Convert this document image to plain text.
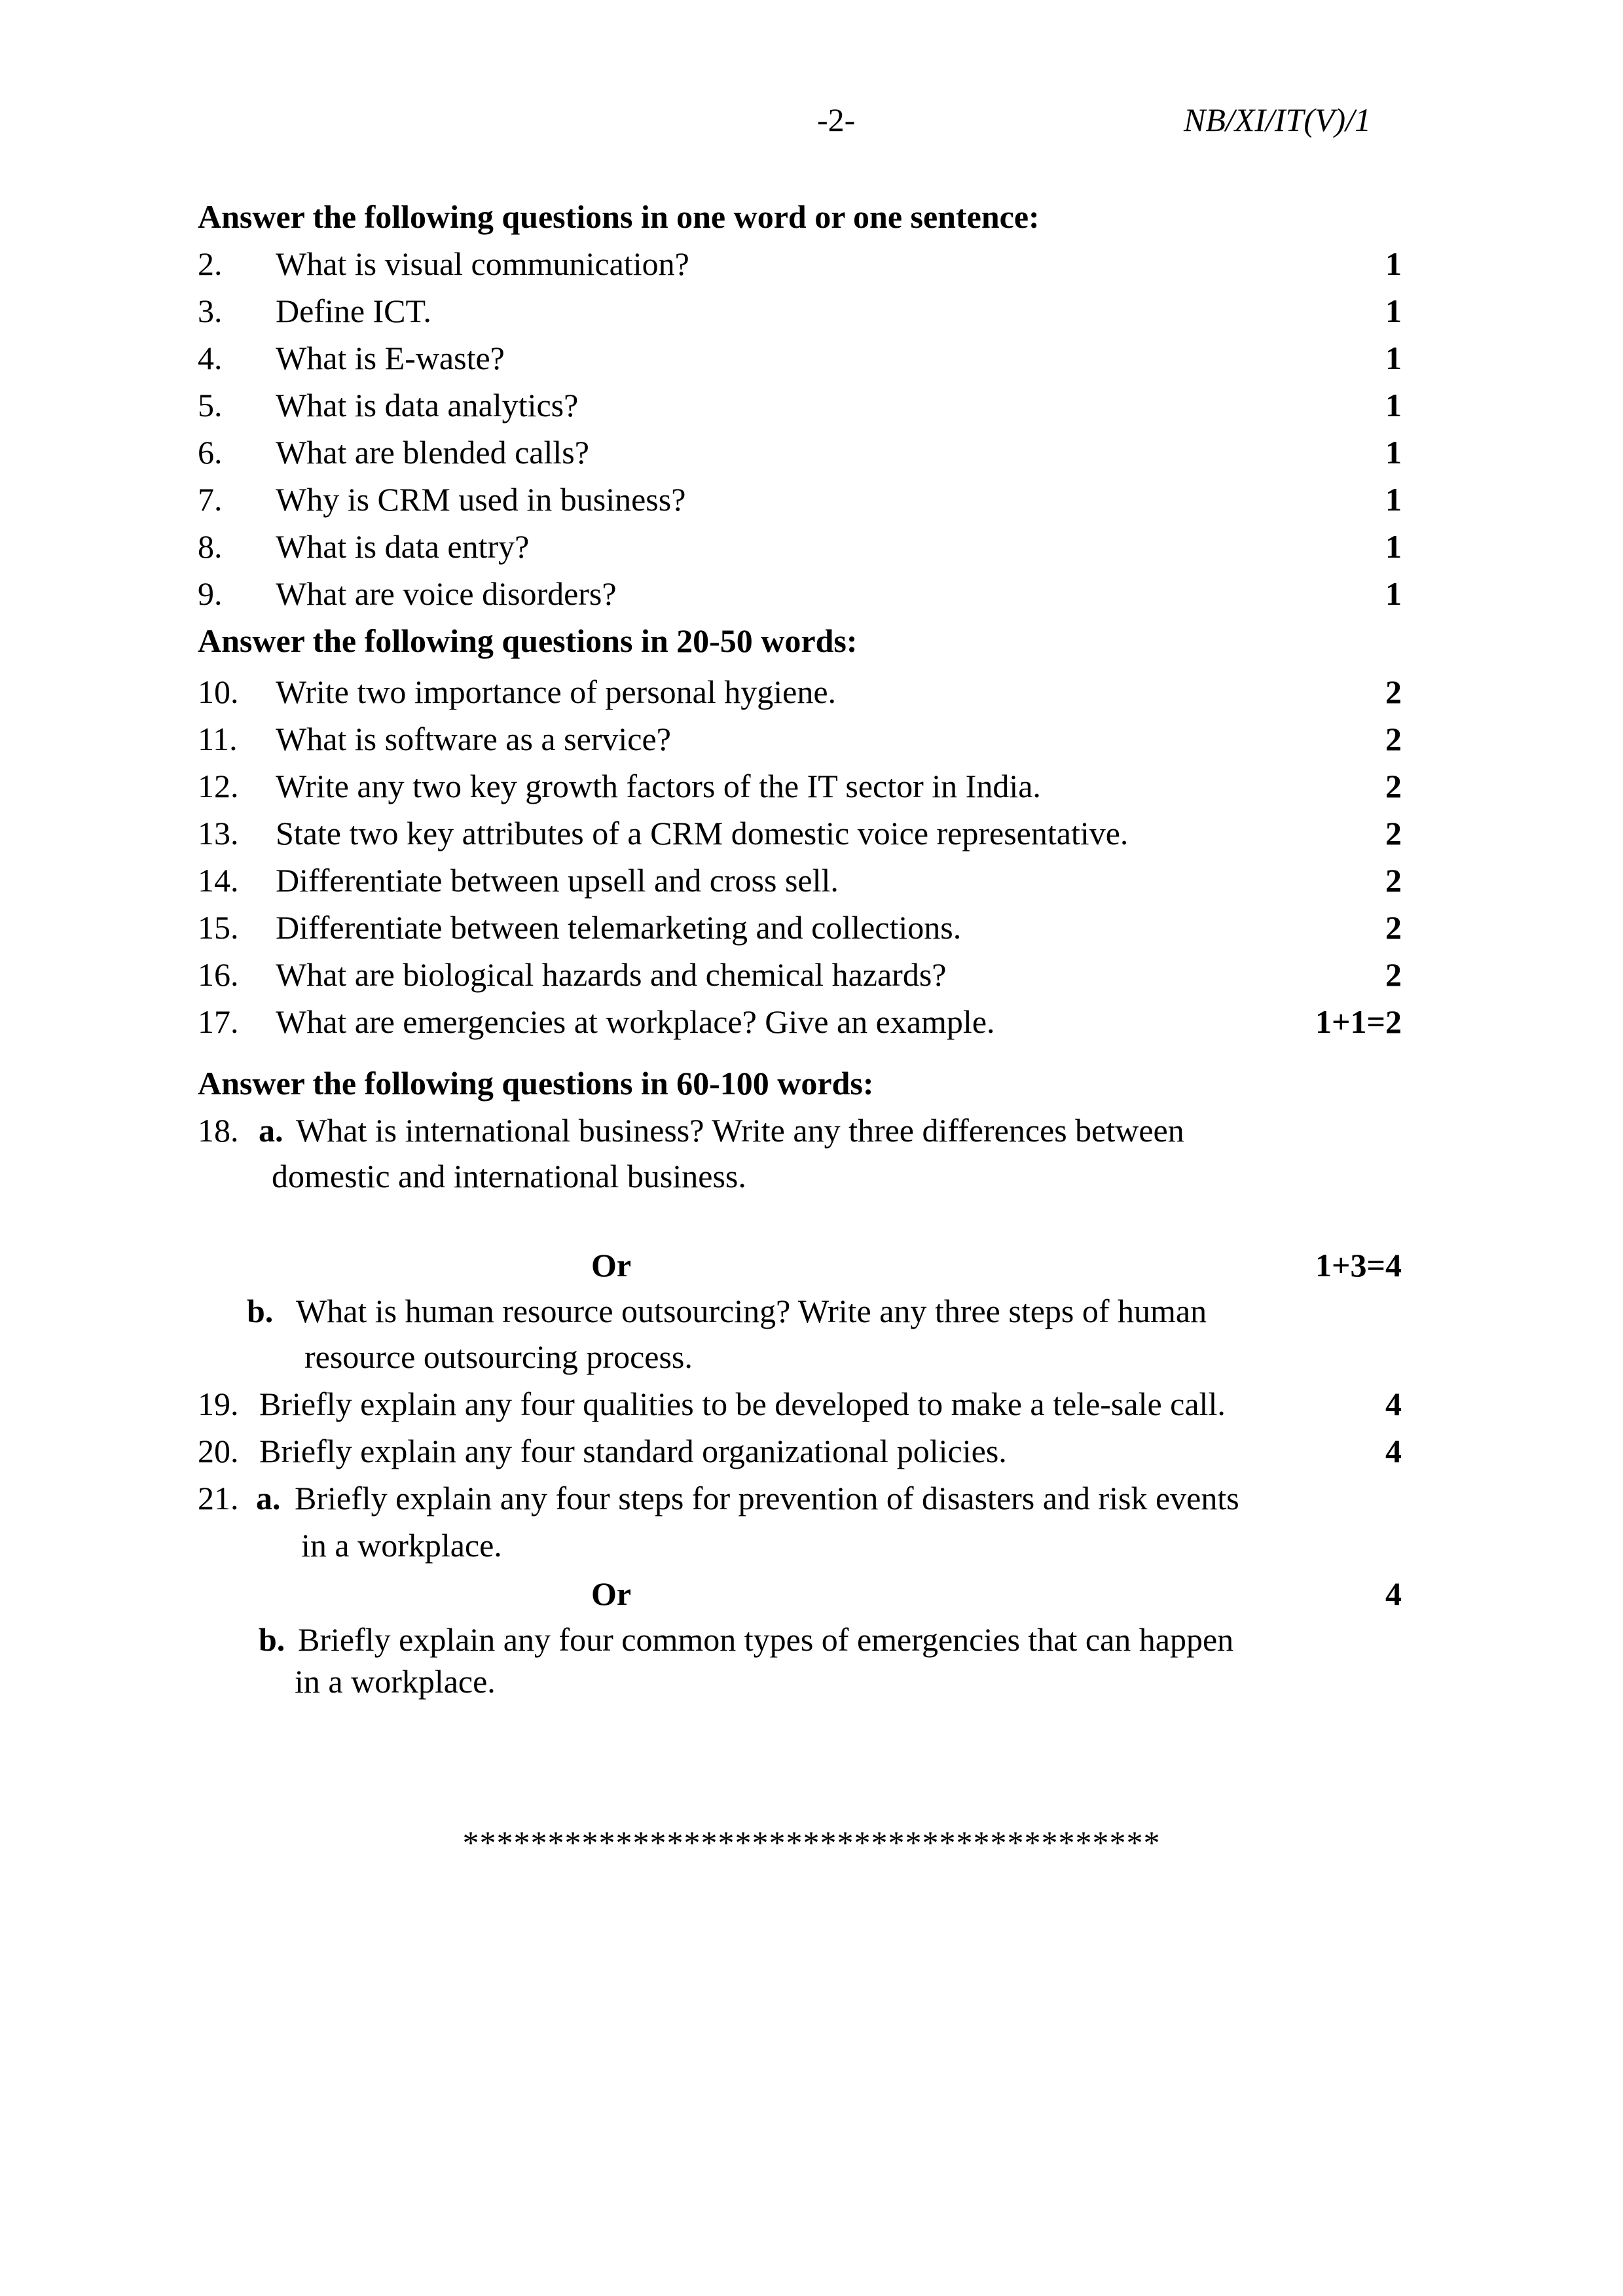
-2-	NB/XI/IT(V)/1
Answer the following questions in one word or one sentence:
2. What is visual communication?	1
3. Define ICT.	1
4. What is E-waste?	1
5. What is data analytics?	1
6. What are blended calls?	1
7. Why is CRM used in business?	1
8. What is data entry?	1
9. What are voice disorders?	1
Answer the following questions in 20-50 words:
10. Write two importance of personal hygiene.	2
11. What is software as a service?	2
12. Write any two key growth factors of the IT sector in India.	2
13. State two key attributes of a CRM domestic voice representative.	2
14. Differentiate between upsell and cross sell.	2
15. Differentiate between telemarketing and collections.	2
16. What are biological hazards and chemical hazards?	2
17. What are emergencies at workplace? Give an example.	1+1=2
Answer the following questions in 60-100 words:
18. a. What is international business? Write any three differences between
domestic and international business.
Or	1+3=4
b. What is human resource outsourcing? Write any three steps of human
resource outsourcing process.
19. Briefly explain any four qualities to be developed to make a tele-sale call.	4
20. Briefly explain any four standard organizational policies.	4
21. a. Briefly explain any four steps for prevention of disasters and risk events
in a workplace.
Or	4
b. Briefly explain any four common types of emergencies that can happen
in a workplace.
*****************************************
